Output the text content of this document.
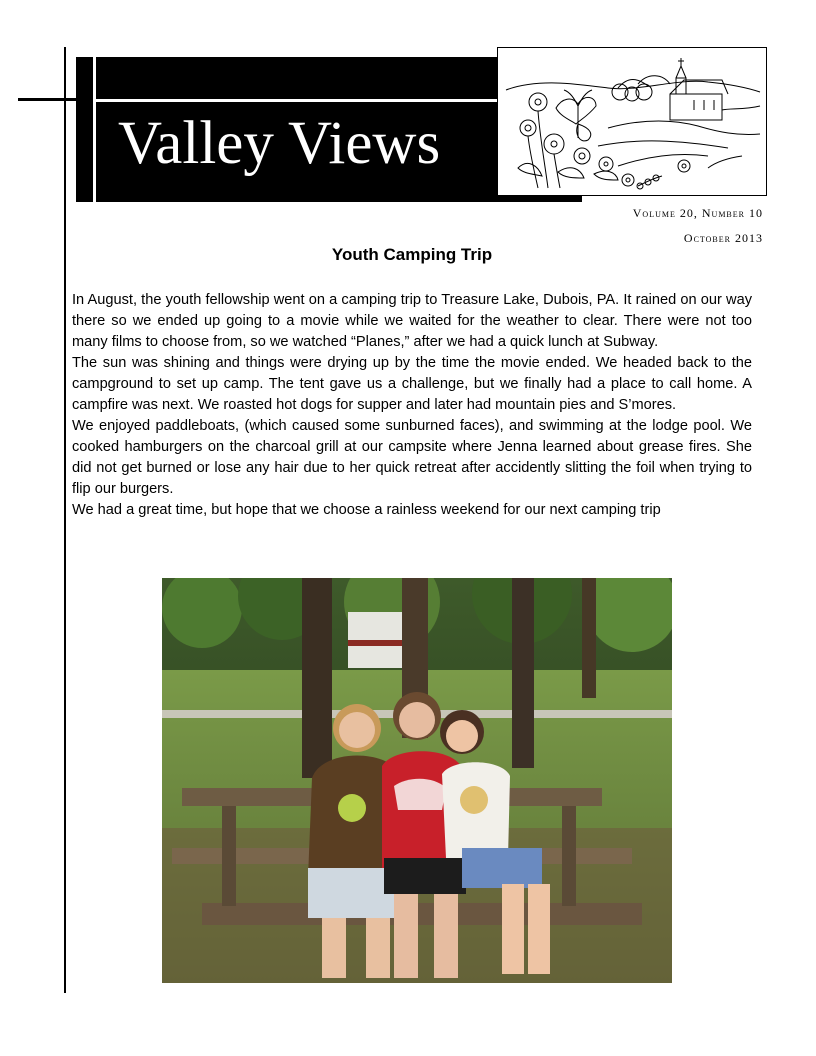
Valley Views
Volume 20, Number 10
October 2013
Youth Camping Trip

In August, the youth fellowship went on a camping trip to Treasure Lake, Dubois, PA. It rained on our way there so we ended up going to a movie while we waited for the weather to clear. There were not too many films to choose from, so we watched “Planes,” after we had a quick lunch at Subway.

The sun was shining and things were drying up by the time the movie ended. We headed back to the campground to set up camp. The tent gave us a challenge, but we finally had a place to call home. A campfire was next. We roasted hot dogs for supper and later had mountain pies and S’mores.

We enjoyed paddleboats, (which caused some sunburned faces), and swimming at the lodge pool. We cooked hamburgers on the charcoal grill at our campsite where Jenna learned about grease fires. She did not get burned or lose any hair due to her quick retreat after accidently slitting the foil when trying to flip our burgers.

We had a great time, but hope that we choose a rainless weekend for our next camping trip
